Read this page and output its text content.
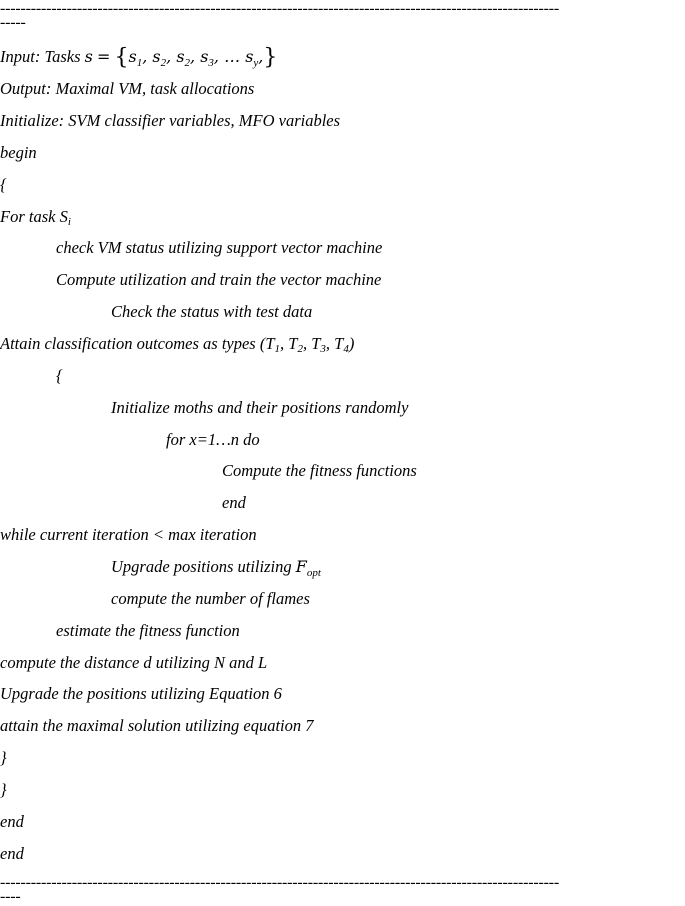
-------------------------------------------------------------------------------------------------------------
-----
Input: Tasks $s = \{s_1$, $s_2$, $s_2$, $s_3$, … $s_y$,}
Output: Maximal VM, task allocations
Initialize: SVM classifier variables, MFO variables
begin
{
For task $S_i$
check VM status utilizing support vector machine
Compute utilization and train the vector machine
Check the status with test data
Attain classification outcomes as types ($T_1$, $T_2$, $T_3$, $T_4$)
{
Initialize moths and their positions randomly
for x=1…n do
Compute the fitness functions
end
while current iteration < max iteration
Upgrade positions utilizing $F_{opt}$
compute the number of flames
estimate the fitness function
compute the distance d utilizing N and L
Upgrade the positions utilizing Equation 6
attain the maximal solution utilizing equation 7
}
}
end
end
-------------------------------------------------------------------------------------------------------------
----
